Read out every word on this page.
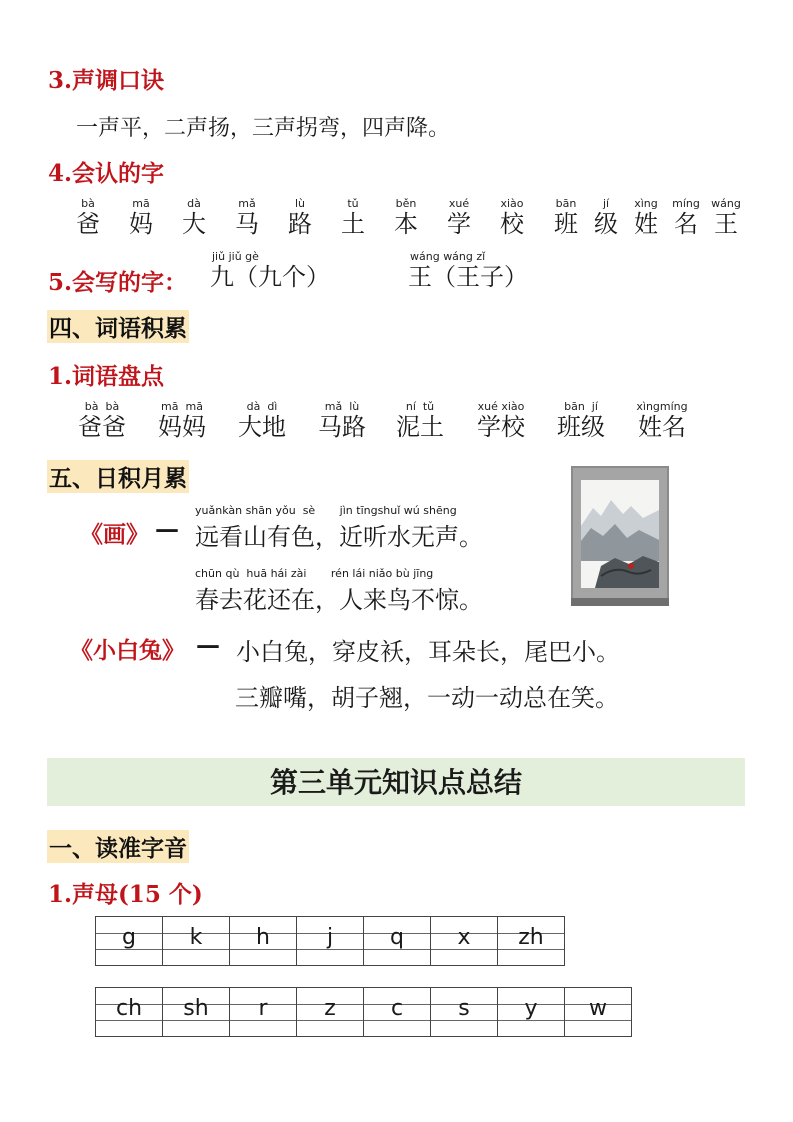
3.声调口诀
一声平，二声扬，三声拐弯，四声降。
4.会认的字
bà
爸
mā
妈
dà
大
mǎ
马
lù
路
tǔ
土
běn
本
xué
学
xiào
校
bān
班
jí
级
xìng
姓
míng
名
wáng
王
5.会写的字：
jiǔ jiǔ gè
九（九个）
wáng wáng zǐ
王（王子）
四、词语积累
1.词语盘点
bà  bà
爸爸
mā  mā
妈妈
dà  dì
大地
mǎ  lù
马路
ní  tǔ
泥土
xué xiào
学校
bān  jí
班级
xìngmíng
姓名
五、日积月累
《画》 —
yuǎnkàn shān yǒu  sè       jìn tīngshuǐ wú shēng
远看山有色，近听水无声。
chūn qù  huā hái zài       rén lái niǎo bù jīng
春去花还在，人来鸟不惊。
《小白兔》 — 小白兔，穿皮袄，耳朵长，尾巴小。
三瓣嘴，胡子翘，一动一动总在笑。
第三单元知识点总结
一、读准字音
1.声母(15 个)
g	k	h	j	q	x	zh
ch	sh	r	z	c	s	y	w
